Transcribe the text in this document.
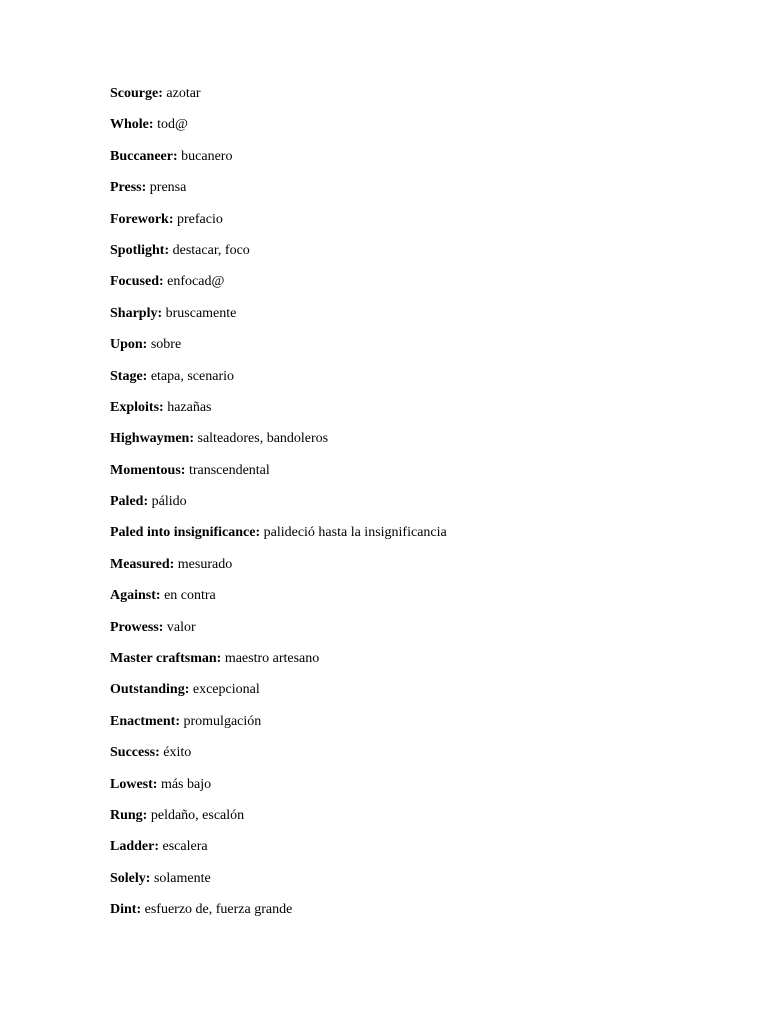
Scourge: azotar
Whole: tod@
Buccaneer: bucanero
Press: prensa
Forework: prefacio
Spotlight: destacar, foco
Focused: enfocad@
Sharply: bruscamente
Upon: sobre
Stage: etapa, scenario
Exploits: hazañas
Highwaymen: salteadores, bandoleros
Momentous: transcendental
Paled: pálido
Paled into insignificance: palideció hasta la insignificancia
Measured: mesurado
Against: en contra
Prowess: valor
Master craftsman: maestro artesano
Outstanding: excepcional
Enactment: promulgación
Success: éxito
Lowest: más bajo
Rung: peldaño, escalón
Ladder: escalera
Solely: solamente
Dint: esfuerzo de, fuerza grande
